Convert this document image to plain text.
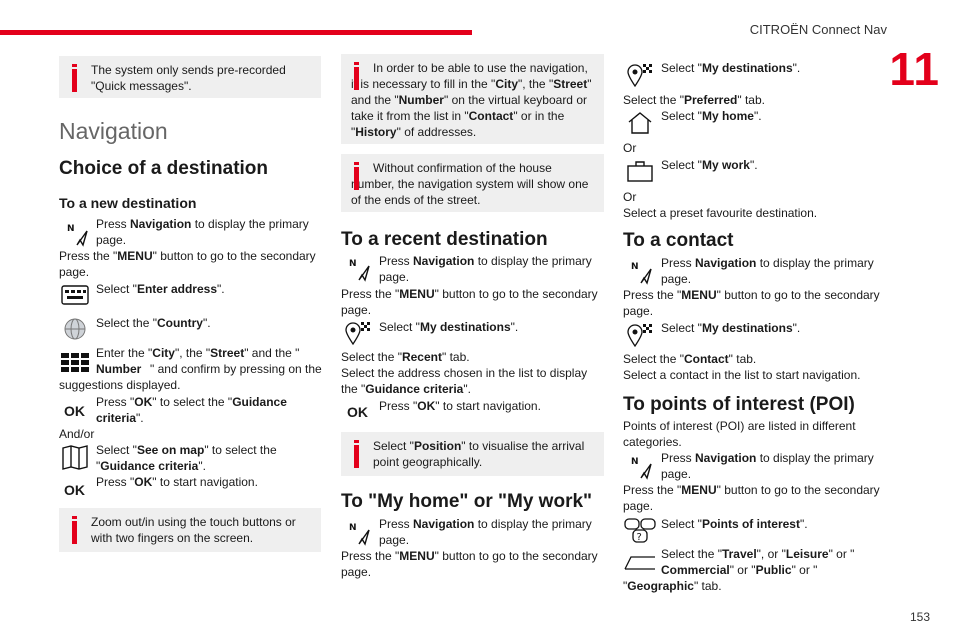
CITROËN Connect Nav
11
153
The system only sends pre-recorded "Quick messages".
Navigation
Choice of a destination
To a new destination
N Press Navigation to display the primary page.
Press the "MENU" button to go to the secondary page.
Select "Enter address".
Select the "Country".
Enter the "City", the "Street" and the "
Number " and confirm by pressing on the
suggestions displayed.
OK
Press "OK" to select the "Guidance criteria".
And/or
Select "See on map" to select the "Guidance criteria".
OK Press "OK" to start navigation.
Zoom out/in using the touch buttons or with two fingers on the screen.
In order to be able to use the navigation, it is necessary to fill in the "City", the "Street" and the "Number" on the virtual keyboard or take it from the list in "Contact" or in the "History" of addresses.
Without confirmation of the house number, the navigation system will show one of the ends of the street.
To a recent destination
N Press Navigation to display the primary page.
Press the "MENU" button to go to the secondary page.
Select "My destinations".
Select the "Recent" tab.
Select the address chosen in the list to display the "Guidance criteria".
OK Press "OK" to start navigation.
Select "Position" to visualise the arrival point geographically.
To "My home" or "My work"
N Press Navigation to display the primary page.
Press the "MENU" button to go to the secondary page.
Select "My destinations".
Select the "Preferred" tab.
Select "My home".
Or
Select "My work".
Or
Select a preset favourite destination.
To a contact
N Press Navigation to display the primary page.
Press the "MENU" button to go to the secondary page.
Select "My destinations".
Select the "Contact" tab.
Select a contact in the list to start navigation.
To points of interest (POI)
Points of interest (POI) are listed in different categories.
N Press Navigation to display the primary page.
Press the "MENU" button to go to the secondary page.
?
Select "Points of interest".
Select the "Travel", or "Leisure" or "
Commercial" or "Public" or "
"Geographic" tab.
